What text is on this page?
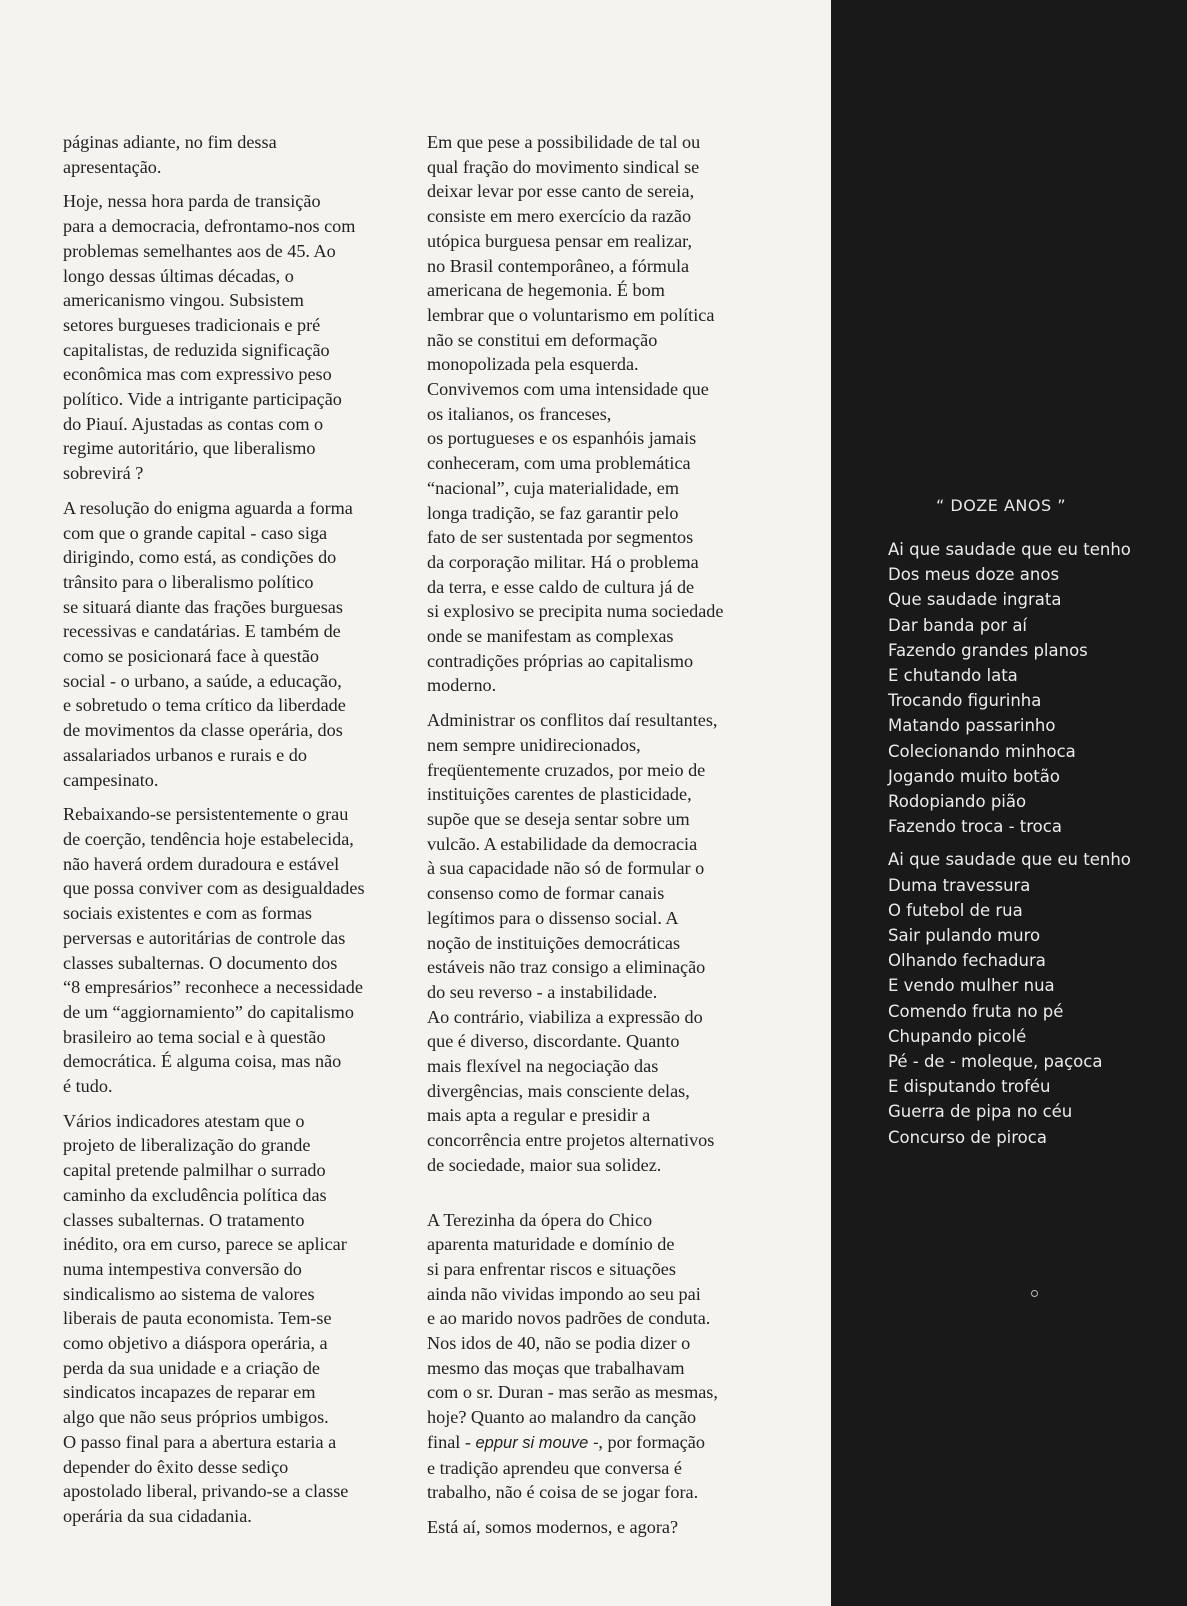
páginas adiante, no fim dessa
apresentação.
Hoje, nessa hora parda de transição
para a democracia, defrontamo-nos com
problemas semelhantes aos de 45. Ao
longo dessas últimas décadas, o
americanismo vingou. Subsistem
setores burgueses tradicionais e pré
capitalistas, de reduzida significação
econômica mas com expressivo peso
político. Vide a intrigante participação
do Piauí. Ajustadas as contas com o
regime autoritário, que liberalismo
sobrevirá ?
A resolução do enigma aguarda a forma
com que o grande capital - caso siga
dirigindo, como está, as condições do
trânsito para o liberalismo político
se situará diante das frações burguesas
recessivas e candatárias. E também de
como se posicionará face à questão
social - o urbano, a saúde, a educação,
e sobretudo o tema crítico da liberdade
de movimentos da classe operária, dos
assalariados urbanos e rurais e do
campesinato.
Rebaixando-se persistentemente o grau
de coerção, tendência hoje estabelecida,
não haverá ordem duradoura e estável
que possa conviver com as desigualdades
sociais existentes e com as formas
perversas e autoritárias de controle das
classes subalternas. O documento dos
“8 empresários” reconhece a necessidade
de um “aggiornamiento” do capitalismo
brasileiro ao tema social e à questão
democrática. É alguma coisa, mas não
é tudo.
Vários indicadores atestam que o
projeto de liberalização do grande
capital pretende palmilhar o surrado
caminho da excludência política das
classes subalternas. O tratamento
inédito, ora em curso, parece se aplicar
numa intempestiva conversão do
sindicalismo ao sistema de valores
liberais de pauta economista. Tem-se
como objetivo a diáspora operária, a
perda da sua unidade e a criação de
sindicatos incapazes de reparar em
algo que não seus próprios umbigos.
O passo final para a abertura estaria a
depender do êxito desse sediço
apostolado liberal, privando-se a classe
operária da sua cidadania.
Em que pese a possibilidade de tal ou
qual fração do movimento sindical se
deixar levar por esse canto de sereia,
consiste em mero exercício da razão
utópica burguesa pensar em realizar,
no Brasil contemporâneo, a fórmula
americana de hegemonia. É bom
lembrar que o voluntarismo em política
não se constitui em deformação
monopolizada pela esquerda.
Convivemos com uma intensidade que
os italianos, os franceses,
os portugueses e os espanhóis jamais
conheceram, com uma problemática
“nacional”, cuja materialidade, em
longa tradição, se faz garantir pelo
fato de ser sustentada por segmentos
da corporação militar. Há o problema
da terra, e esse caldo de cultura já de
si explosivo se precipita numa sociedade
onde se manifestam as complexas
contradições próprias ao capitalismo
moderno.
Administrar os conflitos daí resultantes,
nem sempre unidirecionados,
freqüentemente cruzados, por meio de
instituições carentes de plasticidade,
supõe que se deseja sentar sobre um
vulcão. A estabilidade da democracia
à sua capacidade não só de formular o
consenso como de formar canais
legítimos para o dissenso social. A
noção de instituições democráticas
estáveis não traz consigo a eliminação
do seu reverso - a instabilidade.
Ao contrário, viabiliza a expressão do
que é diverso, discordante. Quanto
mais flexível na negociação das
divergências, mais consciente delas,
mais apta a regular e presidir a
concorrência entre projetos alternativos
de sociedade, maior sua solidez.
A Terezinha da ópera do Chico
aparenta maturidade e domínio de
si para enfrentar riscos e situações
ainda não vividas impondo ao seu pai
e ao marido novos padrões de conduta.
Nos idos de 40, não se podia dizer o
mesmo das moças que trabalhavam
com o sr. Duran - mas serão as mesmas,
hoje? Quanto ao malandro da canção
final - eppur si mouve -, por formação
e tradição aprendeu que conversa é
trabalho, não é coisa de se jogar fora.
Está aí, somos modernos, e agora?
“ DOZE ANOS ”
Ai que saudade que eu tenho
Dos meus doze anos
Que saudade ingrata
Dar banda por aí
Fazendo grandes planos
E chutando lata
Trocando figurinha
Matando passarinho
Colecionando minhoca
Jogando muito botão
Rodopiando pião
Fazendo troca - troca
Ai que saudade que eu tenho
Duma travessura
O futebol de rua
Sair pulando muro
Olhando fechadura
E vendo mulher nua
Comendo fruta no pé
Chupando picolé
Pé - de - moleque, paçoca
E disputando troféu
Guerra de pipa no céu
Concurso de piroca
